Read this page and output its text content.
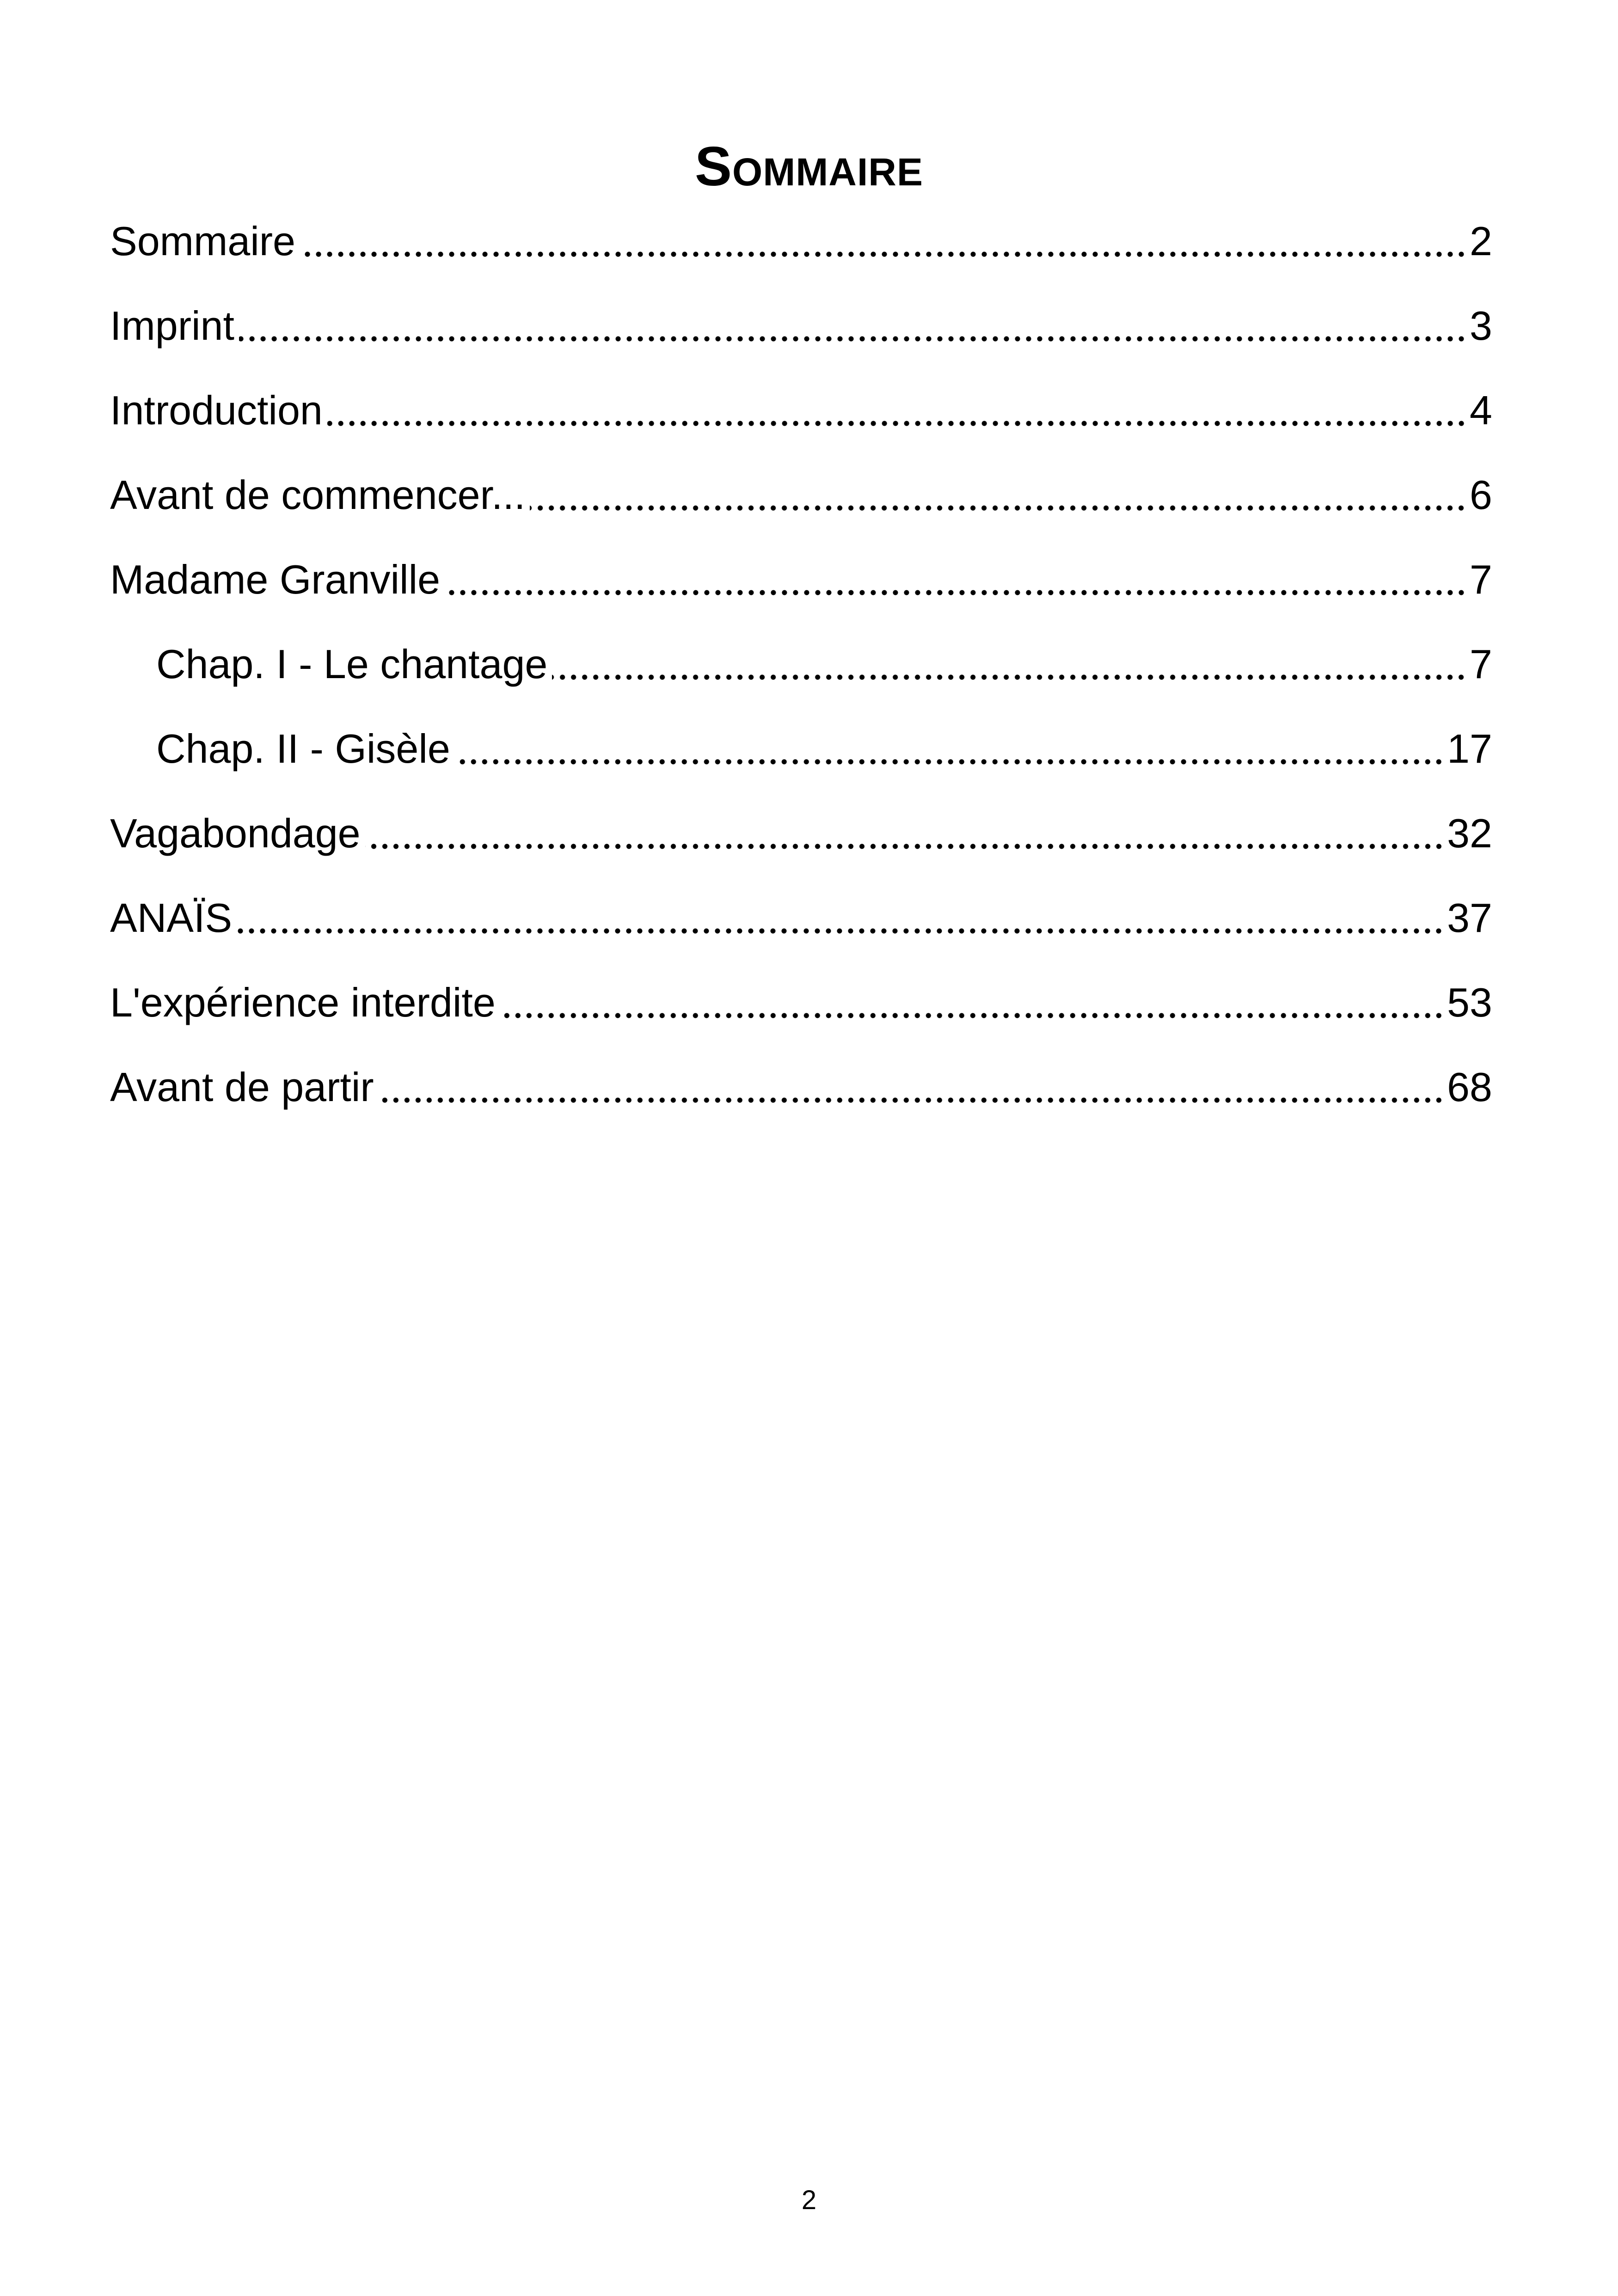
Sommaire
Sommaire	2
Imprint	3
Introduction	4
Avant de commencer...	6
Madame Granville	7
Chap. I - Le chantage	7
Chap. II - Gisèle	17
Vagabondage	32
ANAÏS	37
L'expérience interdite	53
Avant de partir	68
2
